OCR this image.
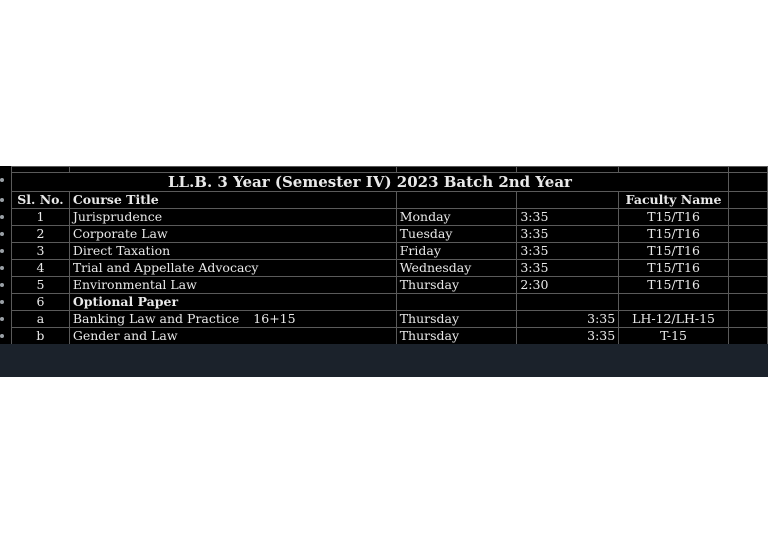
LL.B. 3 Year (Semester IV) 2023 Batch 2nd Year					
Sl. No.	Course Title			Faculty Name	
1	Jurisprudence	Monday	3:35	T15/T16	
2	Corporate Law	Tuesday	3:35	T15/T16	
3	Direct Taxation	Friday	3:35	T15/T16	
4	Trial and Appellate Advocacy	Wednesday	3:35	T15/T16	
5	Environmental Law	Thursday	2:30	T15/T16	
6	Optional Paper				
a	Banking Law and Practice 16+15	Thursday	3:35	LH-12/LH-15	
b	Gender and Law	Thursday	3:35	T-15	
